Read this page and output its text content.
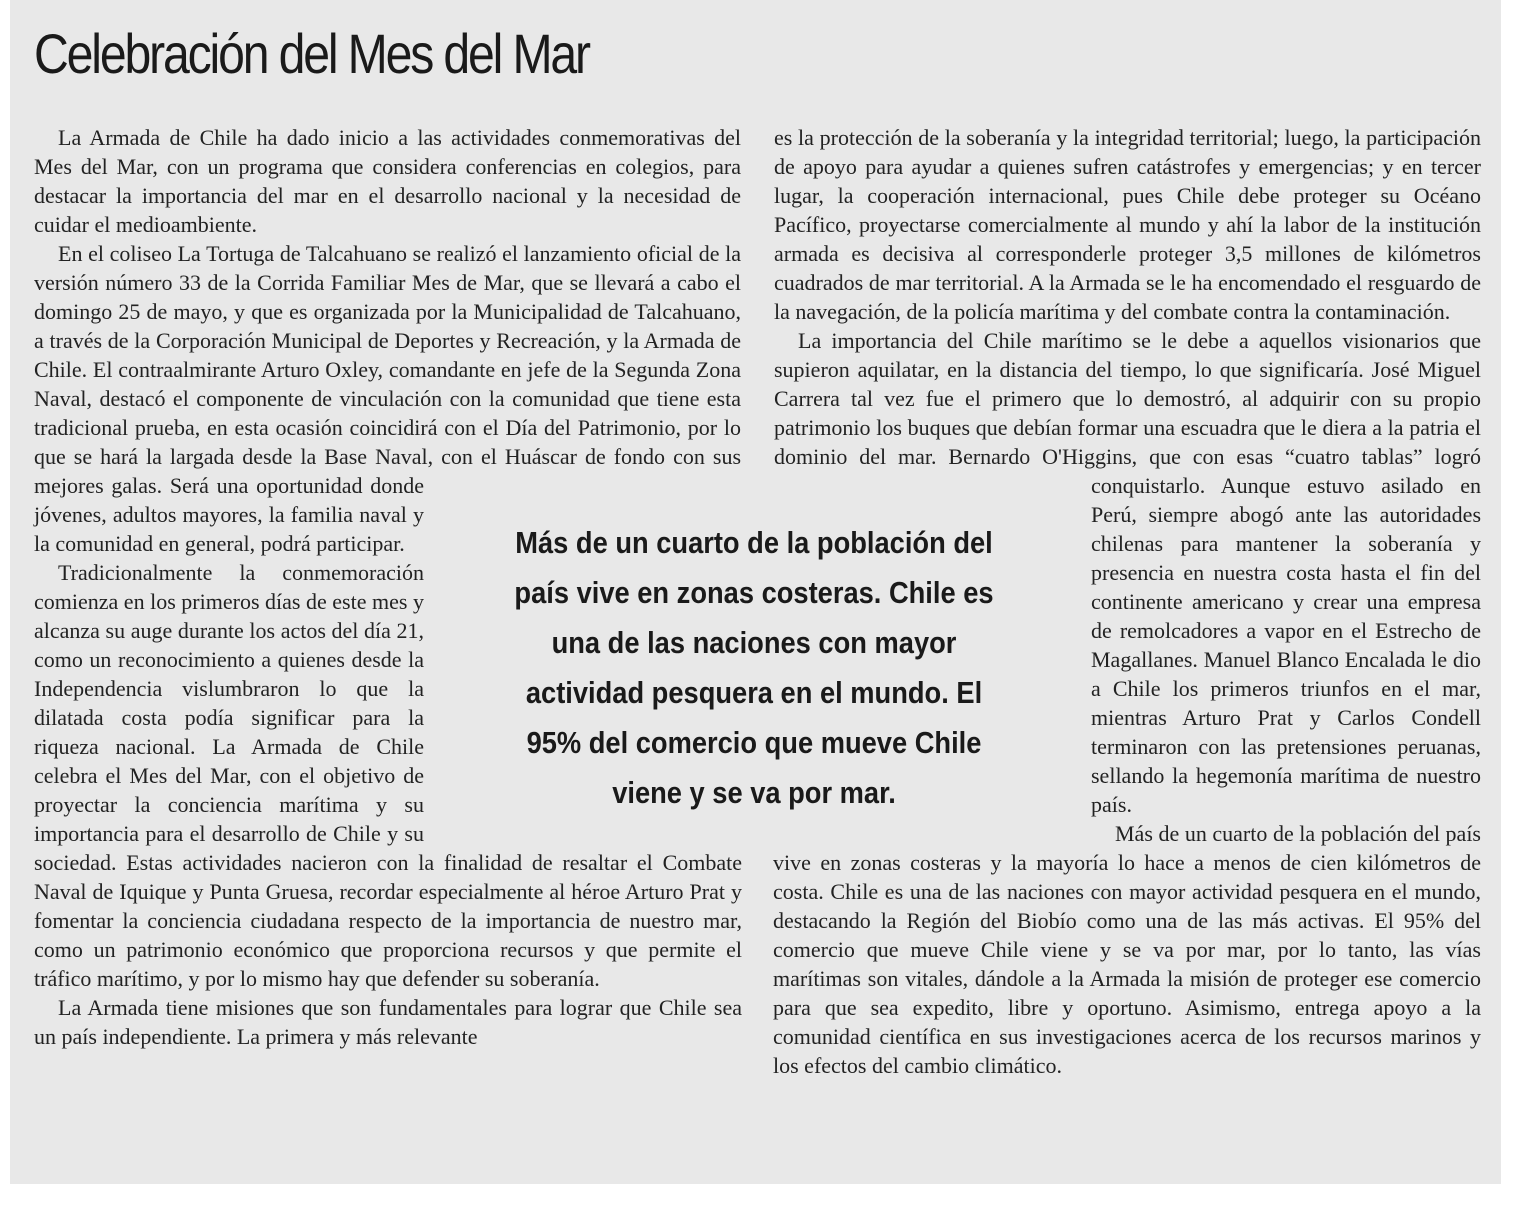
Celebración del Mes del Mar

La Armada de Chile ha dado inicio a las actividades conmemorativas del Mes del Mar, con un programa que considera conferencias en colegios, para destacar la importancia del mar en el desarrollo nacional y la necesidad de cuidar el medioambiente.

En el coliseo La Tortuga de Talcahuano se realizó el lanzamiento oficial de la versión número 33 de la Corrida Familiar Mes de Mar, que se llevará a cabo el domingo 25 de mayo, y que es organizada por la Municipalidad de Talcahuano, a través de la Corporación Municipal de Deportes y Recreación, y la Armada de Chile. El contraalmirante Arturo Oxley, comandante en jefe de la Segunda Zona Naval, destacó el componente de vinculación con la comunidad que tiene esta tradicional prueba, en esta ocasión coincidirá con el Día del Patrimonio, por lo que se hará la largada desde la Base Naval, con el Huáscar de fondo con sus mejores galas. Será una oportunidad donde jóvenes, adultos mayores, la familia naval y la comunidad en general, podrá participar.

Tradicionalmente la conmemoración comienza en los primeros días de este mes y alcanza su auge durante los actos del día 21, como un reconocimiento a quienes desde la Independencia vislumbraron lo que la dilatada costa podía significar para la riqueza nacional. La Armada de Chile celebra el Mes del Mar, con el objetivo de proyectar la conciencia marítima y su importancia para el desarrollo de Chile y su sociedad. Estas actividades nacieron con la finalidad de resaltar el Combate Naval de Iquique y Punta Gruesa, recordar especialmente al héroe Arturo Prat y fomentar la conciencia ciudadana respecto de la importancia de nuestro mar, como un patrimonio económico que proporciona recursos y que permite el tráfico marítimo, y por lo mismo hay que defender su soberanía.

La Armada tiene misiones que son fundamentales para lograr que Chile sea un país independiente. La primera y más relevante

es la protección de la soberanía y la integridad territorial; luego, la participación de apoyo para ayudar a quienes sufren catástrofes y emergencias; y en tercer lugar, la cooperación internacional, pues Chile debe proteger su Océano Pacífico, proyectarse comercialmente al mundo y ahí la labor de la institución armada es decisiva al corresponderle proteger 3,5 millones de kilómetros cuadrados de mar territorial. A la Armada se le ha encomendado el resguardo de la navegación, de la policía marítima y del combate contra la contaminación.

La importancia del Chile marítimo se le debe a aquellos visionarios que supieron aquilatar, en la distancia del tiempo, lo que significaría. José Miguel Carrera tal vez fue el primero que lo demostró, al adquirir con su propio patrimonio los buques que debían formar una escuadra que le diera a la patria el dominio del mar. Bernardo O'Higgins, que con esas “cuatro tablas” logró conquistarlo. Aunque estuvo asilado en Perú, siempre abogó ante las autoridades chilenas para mantener la soberanía y presencia en nuestra costa hasta el fin del continente americano y crear una empresa de remolcadores a vapor en el Estrecho de Magallanes. Manuel Blanco Encalada le dio a Chile los primeros triunfos en el mar, mientras Arturo Prat y Carlos Condell terminaron con las pretensiones peruanas, sellando la hegemonía marítima de nuestro país.

Más de un cuarto de la población del país vive en zonas costeras y la mayoría lo hace a menos de cien kilómetros de costa. Chile es una de las naciones con mayor actividad pesquera en el mundo, destacando la Región del Biobío como una de las más activas. El 95% del comercio que mueve Chile viene y se va por mar, por lo tanto, las vías marítimas son vitales, dándole a la Armada la misión de proteger ese comercio para que sea expedito, libre y oportuno. Asimismo, entrega apoyo a la comunidad científica en sus investigaciones acerca de los recursos marinos y los efectos del cambio climático.

Más de un cuarto de la población del país vive en zonas costeras. Chile es una de las naciones con mayor actividad pesquera en el mundo. El 95% del comercio que mueve Chile viene y se va por mar.
